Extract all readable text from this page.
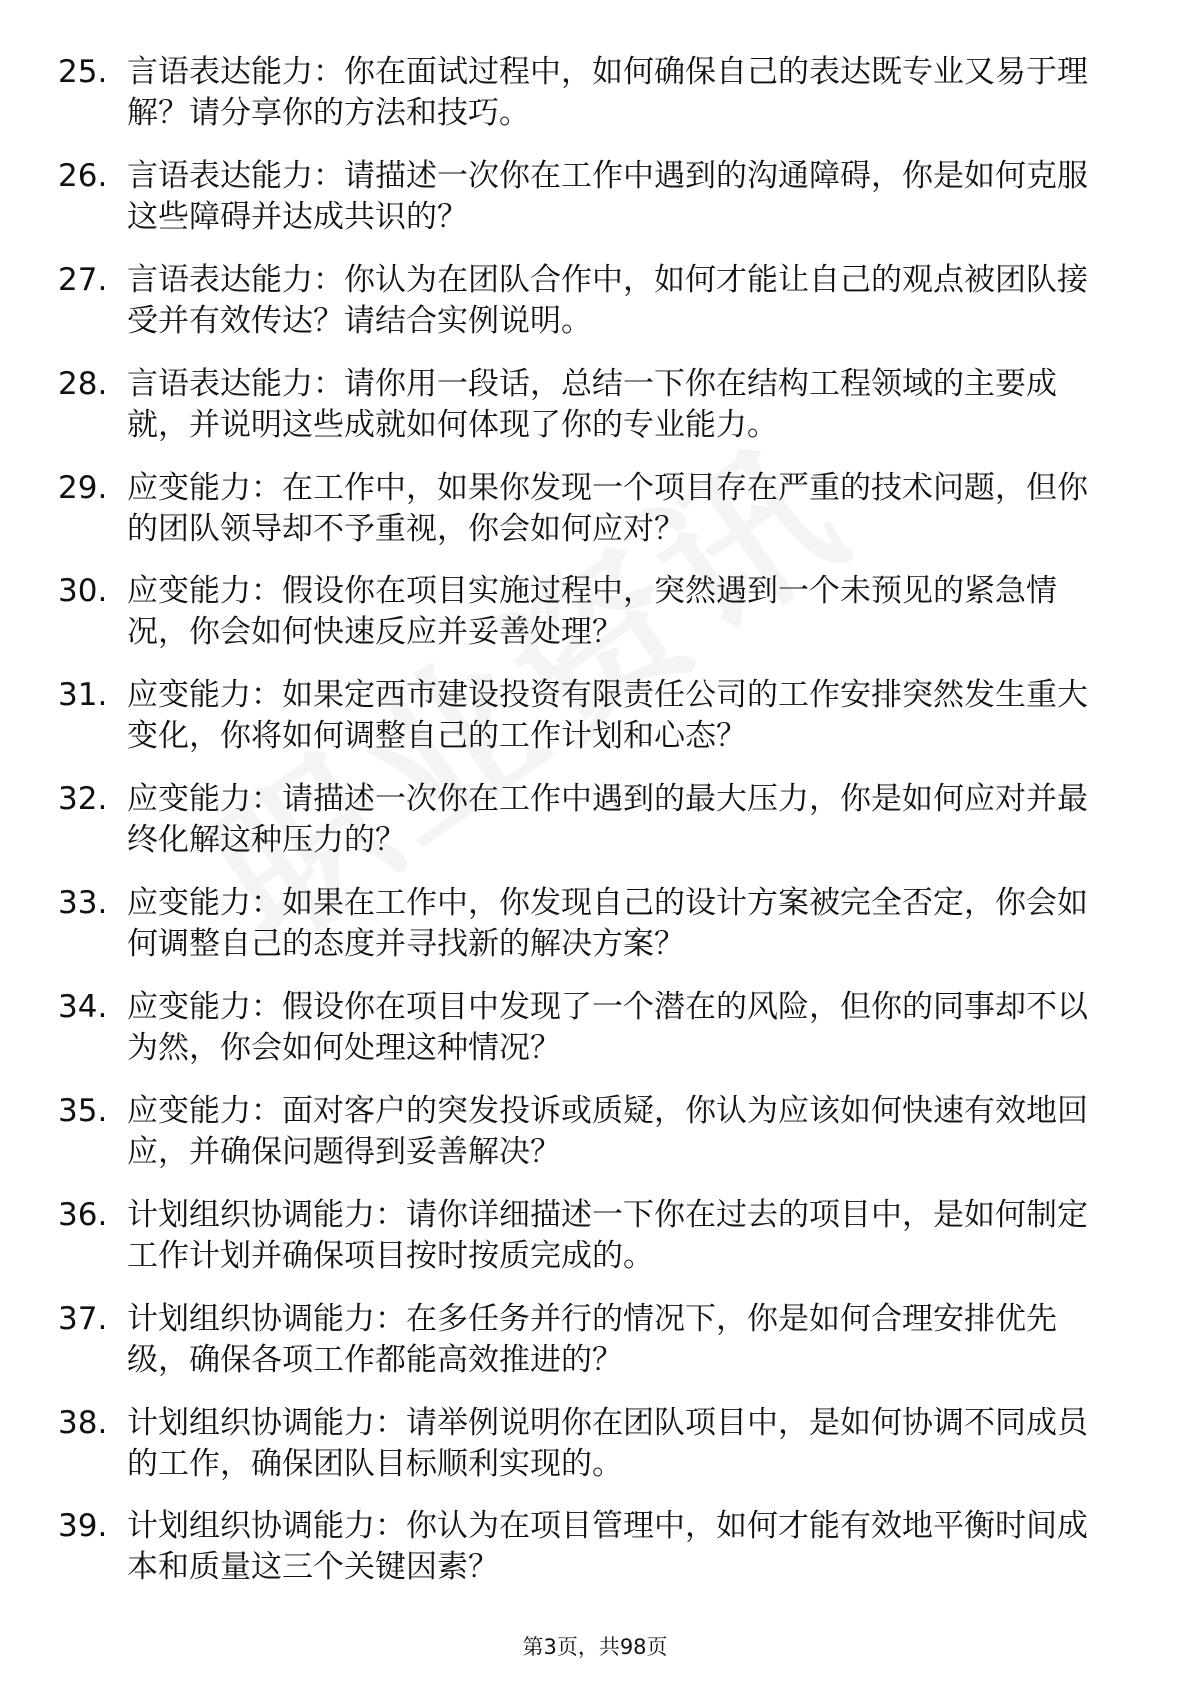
25. 言语表达能力：你在面试过程中，如何确保自己的表达既专业又易于理解？请分享你的方法和技巧。
26. 言语表达能力：请描述一次你在工作中遇到的沟通障碍，你是如何克服这些障碍并达成共识的？
27. 言语表达能力：你认为在团队合作中，如何才能让自己的观点被团队接受并有效传达？请结合实例说明。
28. 言语表达能力：请你用一段话，总结一下你在结构工程领域的主要成就，并说明这些成就如何体现了你的专业能力。
29. 应变能力：在工作中，如果你发现一个项目存在严重的技术问题，但你的团队领导却不予重视，你会如何应对？
30. 应变能力：假设你在项目实施过程中，突然遇到一个未预见的紧急情况，你会如何快速反应并妥善处理？
31. 应变能力：如果定西市建设投资有限责任公司的工作安排突然发生重大变化，你将如何调整自己的工作计划和心态？
32. 应变能力：请描述一次你在工作中遇到的最大压力，你是如何应对并最终化解这种压力的？
33. 应变能力：如果在工作中，你发现自己的设计方案被完全否定，你会如何调整自己的态度并寻找新的解决方案？
34. 应变能力：假设你在项目中发现了一个潜在的风险，但你的同事却不以为然，你会如何处理这种情况？
35. 应变能力：面对客户的突发投诉或质疑，你认为应该如何快速有效地回应，并确保问题得到妥善解决？
36. 计划组织协调能力：请你详细描述一下你在过去的项目中，是如何制定工作计划并确保项目按时按质完成的。
37. 计划组织协调能力：在多任务并行的情况下，你是如何合理安排优先级，确保各项工作都能高效推进的？
38. 计划组织协调能力：请举例说明你在团队项目中，是如何协调不同成员的工作，确保团队目标顺利实现的。
39. 计划组织协调能力：你认为在项目管理中，如何才能有效地平衡时间成本和质量这三个关键因素？
第3页，共98页
